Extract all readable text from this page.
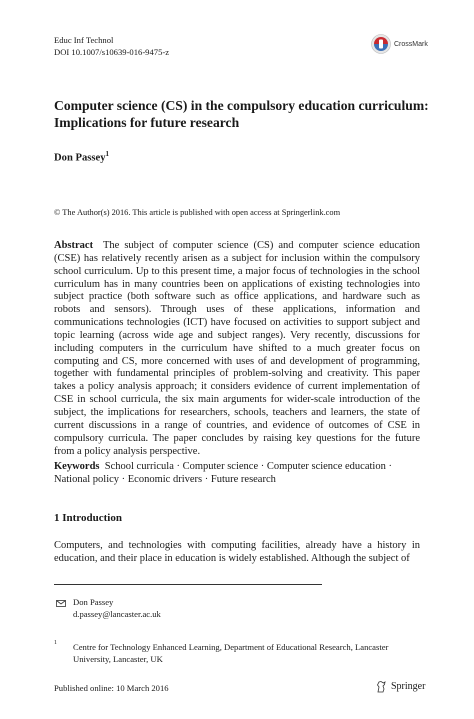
Educ Inf Technol
DOI 10.1007/s10639-016-9475-z
CrossMark
Computer science (CS) in the compulsory education curriculum: Implications for future research
Don Passey$^1$
© The Author(s) 2016. This article is published with open access at Springerlink.com
Abstract The subject of computer science (CS) and computer science education (CSE) has relatively recently arisen as a subject for inclusion within the compulsory school curriculum. Up to this present time, a major focus of technologies in the school curriculum has in many countries been on applications of existing technologies into subject practice (both software such as office applications, and hardware such as robots and sensors). Through uses of these applications, information and communications technologies (ICT) have focused on activities to support subject and topic learning (across wide age and subject ranges). Very recently, discussions for including computers in the curriculum have shifted to a much greater focus on computing and CS, more concerned with uses of and development of programming, together with fundamental principles of problem-solving and creativity. This paper takes a policy analysis approach; it considers evidence of current implementation of CSE in school curricula, the six main arguments for wider-scale introduction of the subject, the implications for researchers, schools, teachers and learners, the state of current discussions in a range of countries, and evidence of outcomes of CSE in compulsory curricula. The paper concludes by raising key questions for the future from a policy analysis perspective.
Keywords School curricula · Computer science · Computer science education · National policy · Economic drivers · Future research
1 Introduction
Computers, and technologies with computing facilities, already have a history in education, and their place in education is widely established. Although the subject of
Don Passey
d.passey@lancaster.ac.uk
1 Centre for Technology Enhanced Learning, Department of Educational Research, Lancaster University, Lancaster, UK
Published online: 10 March 2016	Springer
